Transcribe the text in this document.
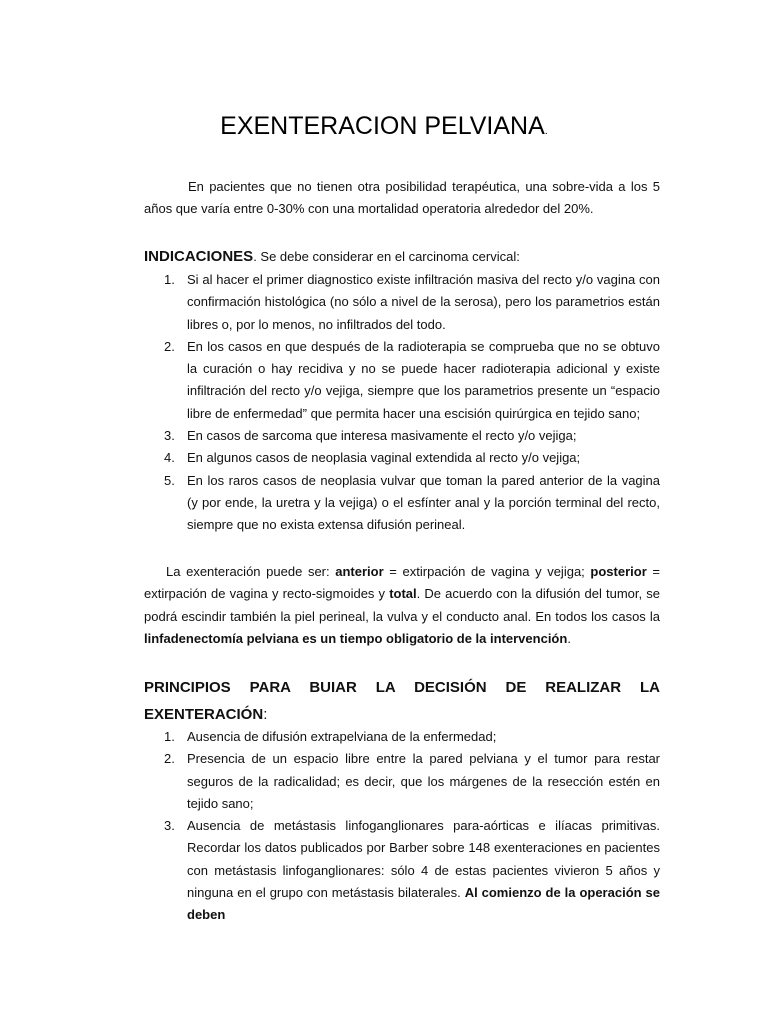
EXENTERACION PELVIANA.

En pacientes que no tienen otra posibilidad terapéutica, una sobre-vida a los 5 años que varía entre 0-30% con una mortalidad operatoria alrededor del 20%.

INDICACIONES. Se debe considerar en el carcinoma cervical:
1. Si al hacer el primer diagnostico existe infiltración masiva del recto y/o vagina con confirmación histológica (no sólo a nivel de la serosa), pero los parametrios están libres o, por lo menos, no infiltrados del todo.
2. En los casos en que después de la radioterapia se comprueba que no se obtuvo la curación o hay recidiva y no se puede hacer radioterapia adicional y existe infiltración del recto y/o vejiga, siempre que los parametrios presente un “espacio libre de enfermedad” que permita hacer una escisión quirúrgica en tejido sano;
3. En casos de sarcoma que interesa masivamente el recto y/o vejiga;
4. En algunos casos de neoplasia vaginal extendida al recto y/o vejiga;
5. En los raros casos de neoplasia vulvar que toman la pared anterior de la vagina (y por ende, la uretra y la vejiga) o el esfínter anal y la porción terminal del recto, siempre que no exista extensa difusión perineal.

La exenteración puede ser: anterior = extirpación de vagina y vejiga; posterior = extirpación de vagina y recto-sigmoides y total. De acuerdo con la difusión del tumor, se podrá escindir también la piel perineal, la vulva y el conducto anal. En todos los casos la linfadenectomía pelviana es un tiempo obligatorio de la intervención.

PRINCIPIOS PARA BUIAR LA DECISIÓN DE REALIZAR LA EXENTERACIÓN:
1. Ausencia de difusión extrapelviana de la enfermedad;
2. Presencia de un espacio libre entre la pared pelviana y el tumor para restar seguros de la radicalidad; es decir, que los márgenes de la resección estén en tejido sano;
3. Ausencia de metástasis linfoganglionares para-aórticas e ilíacas primitivas. Recordar los datos publicados por Barber sobre 148 exenteraciones en pacientes con metástasis linfoganglionares: sólo 4 de estas pacientes vivieron 5 años y ninguna en el grupo con metástasis bilaterales. Al comienzo de la operación se deben
